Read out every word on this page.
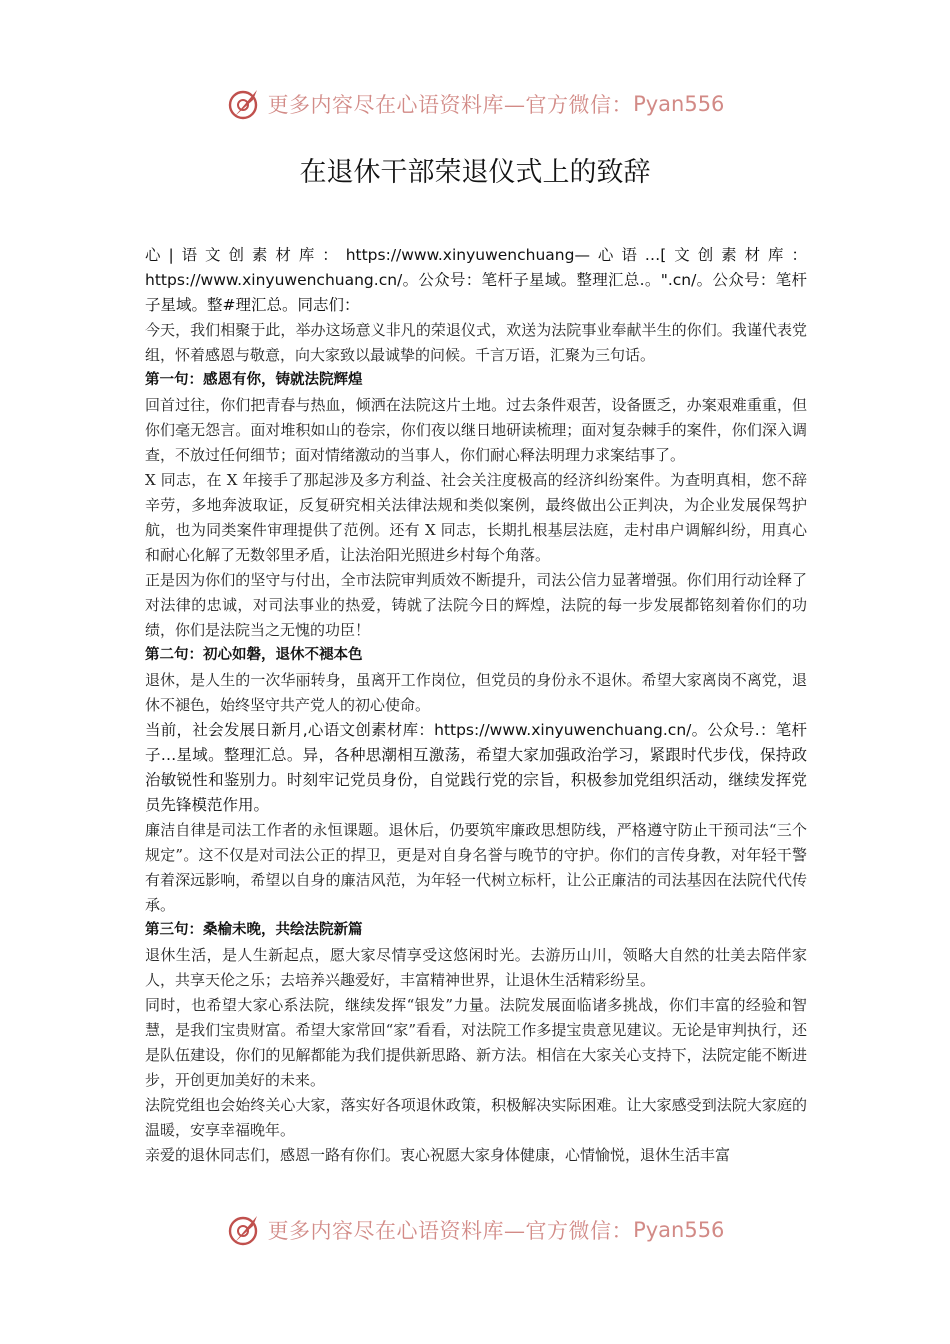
更多内容尽在心语资料库—官方微信： Pyan556
在退休干部荣退仪式上的致辞

心|语文创素材库：https://www.xinyuwenchuang—心语…[文创素材库：https://www.xinyuwenchuang.cn/。公众号：笔杆子星域。整理汇总.。".cn/。公众号：笔杆子星域。整#理汇总。同志们：

今天，我们相聚于此，举办这场意义非凡的荣退仪式，欢送为法院事业奉献半生的你们。我谨代表党组，怀着感恩与敬意，向大家致以最诚挚的问候。千言万语，汇聚为三句话。

第一句：感恩有你，铸就法院辉煌

回首过往，你们把青春与热血，倾洒在法院这片土地。过去条件艰苦，设备匮乏，办案艰难重重，但你们毫无怨言。面对堆积如山的卷宗，你们夜以继日地研读梳理；面对复杂棘手的案件，你们深入调查，不放过任何细节；面对情绪激动的当事人，你们耐心释法明理力求案结事了。

X 同志，在 X 年接手了那起涉及多方利益、社会关注度极高的经济纠纷案件。为查明真相，您不辞辛劳，多地奔波取证，反复研究相关法律法规和类似案例，最终做出公正判决，为企业发展保驾护航，也为同类案件审理提供了范例。还有 X 同志，长期扎根基层法庭，走村串户调解纠纷，用真心和耐心化解了无数邻里矛盾，让法治阳光照进乡村每个角落。

正是因为你们的坚守与付出，全市法院审判质效不断提升，司法公信力显著增强。你们用行动诠释了对法律的忠诚，对司法事业的热爱，铸就了法院今日的辉煌，法院的每一步发展都铭刻着你们的功绩，你们是法院当之无愧的功臣！

第二句：初心如磐，退休不褪本色

退休，是人生的一次华丽转身，虽离开工作岗位，但党员的身份永不退休。希望大家离岗不离党，退休不褪色，始终坚守共产党人的初心使命。

当前，社会发展日新月,心语文创素材库：https://www.xinyuwenchuang.cn/。公众号.：笔杆子…星域。整理汇总。异，各种思潮相互激荡，希望大家加强政治学习，紧跟时代步伐，保持政治敏锐性和鉴别力。时刻牢记党员身份，自觉践行党的宗旨，积极参加党组织活动，继续发挥党员先锋模范作用。

廉洁自律是司法工作者的永恒课题。退休后，仍要筑牢廉政思想防线，严格遵守防止干预司法“三个规定”。这不仅是对司法公正的捍卫，更是对自身名誉与晚节的守护。你们的言传身教，对年轻干警有着深远影响，希望以自身的廉洁风范，为年轻一代树立标杆，让公正廉洁的司法基因在法院代代传承。

第三句：桑榆未晚，共绘法院新篇

退休生活，是人生新起点，愿大家尽情享受这悠闲时光。去游历山川，领略大自然的壮美去陪伴家人，共享天伦之乐；去培养兴趣爱好，丰富精神世界，让退休生活精彩纷呈。

同时，也希望大家心系法院，继续发挥“银发”力量。法院发展面临诸多挑战，你们丰富的经验和智慧，是我们宝贵财富。希望大家常回“家”看看，对法院工作多提宝贵意见建议。无论是审判执行，还是队伍建设，你们的见解都能为我们提供新思路、新方法。相信在大家关心支持下，法院定能不断进步，开创更加美好的未来。

法院党组也会始终关心大家，落实好各项退休政策，积极解决实际困难。让大家感受到法院大家庭的温暖，安享幸福晚年。

亲爱的退休同志们，感恩一路有你们。衷心祝愿大家身体健康，心情愉悦，退休生活丰富

更多内容尽在心语资料库—官方微信： Pyan556
